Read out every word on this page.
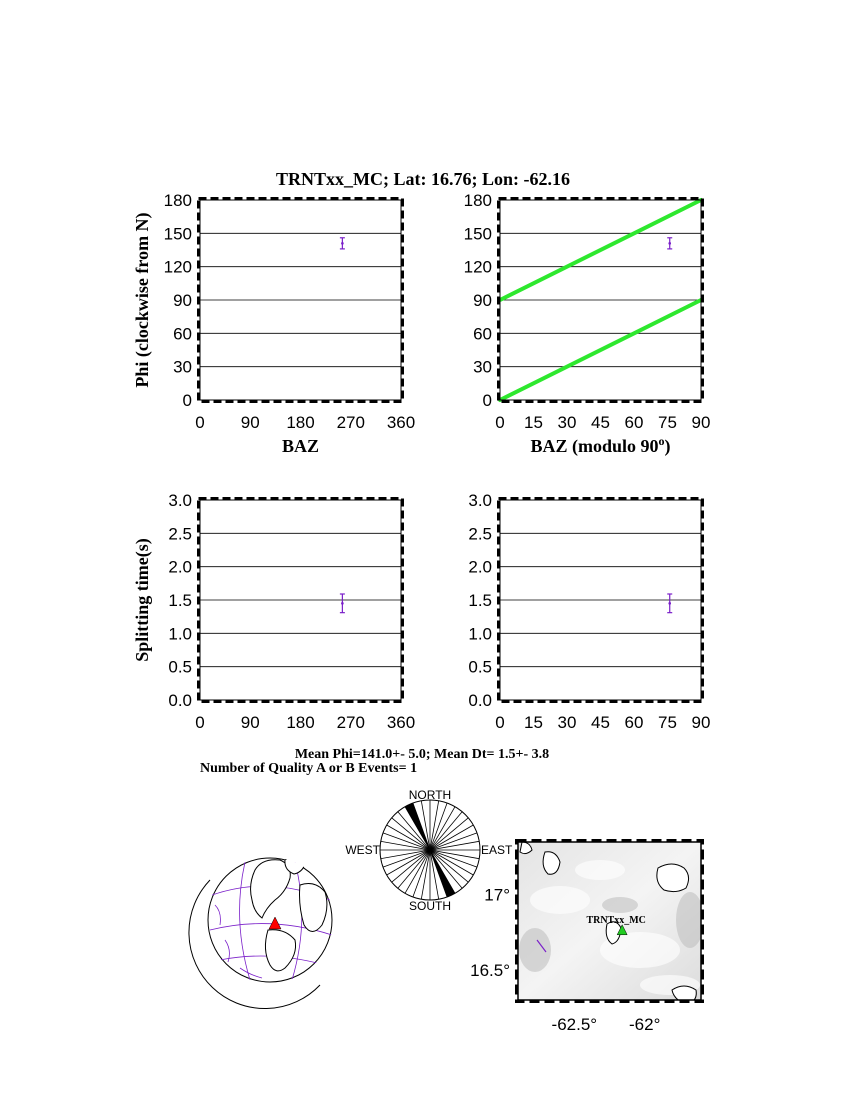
TRNTxx_MC; Lat: 16.76; Lon: -62.16
0
30
60
90
120
150
180
0 90 180 270 360
BAZ
Phi (clockwise from N)
0
30
60
90
120
150
180
0 15 30 45 60 75 90
BAZ (modulo 90$^o$)
0.0
0.5
1.0
1.5
2.0
2.5
3.0
0 90 180 270 360
Splitting time(s)
0.0
0.5
1.0
1.5
2.0
2.5
3.0
0 15 30 45 60 75 90
Mean Phi=141.0+- 5.0; Mean Dt= 1.5+- 3.8
Number of Quality A or B Events= 1
NORTH
SOUTH
WEST	EAST
-62.5° -62°
17°
16.5°
TRNTxx_MC
